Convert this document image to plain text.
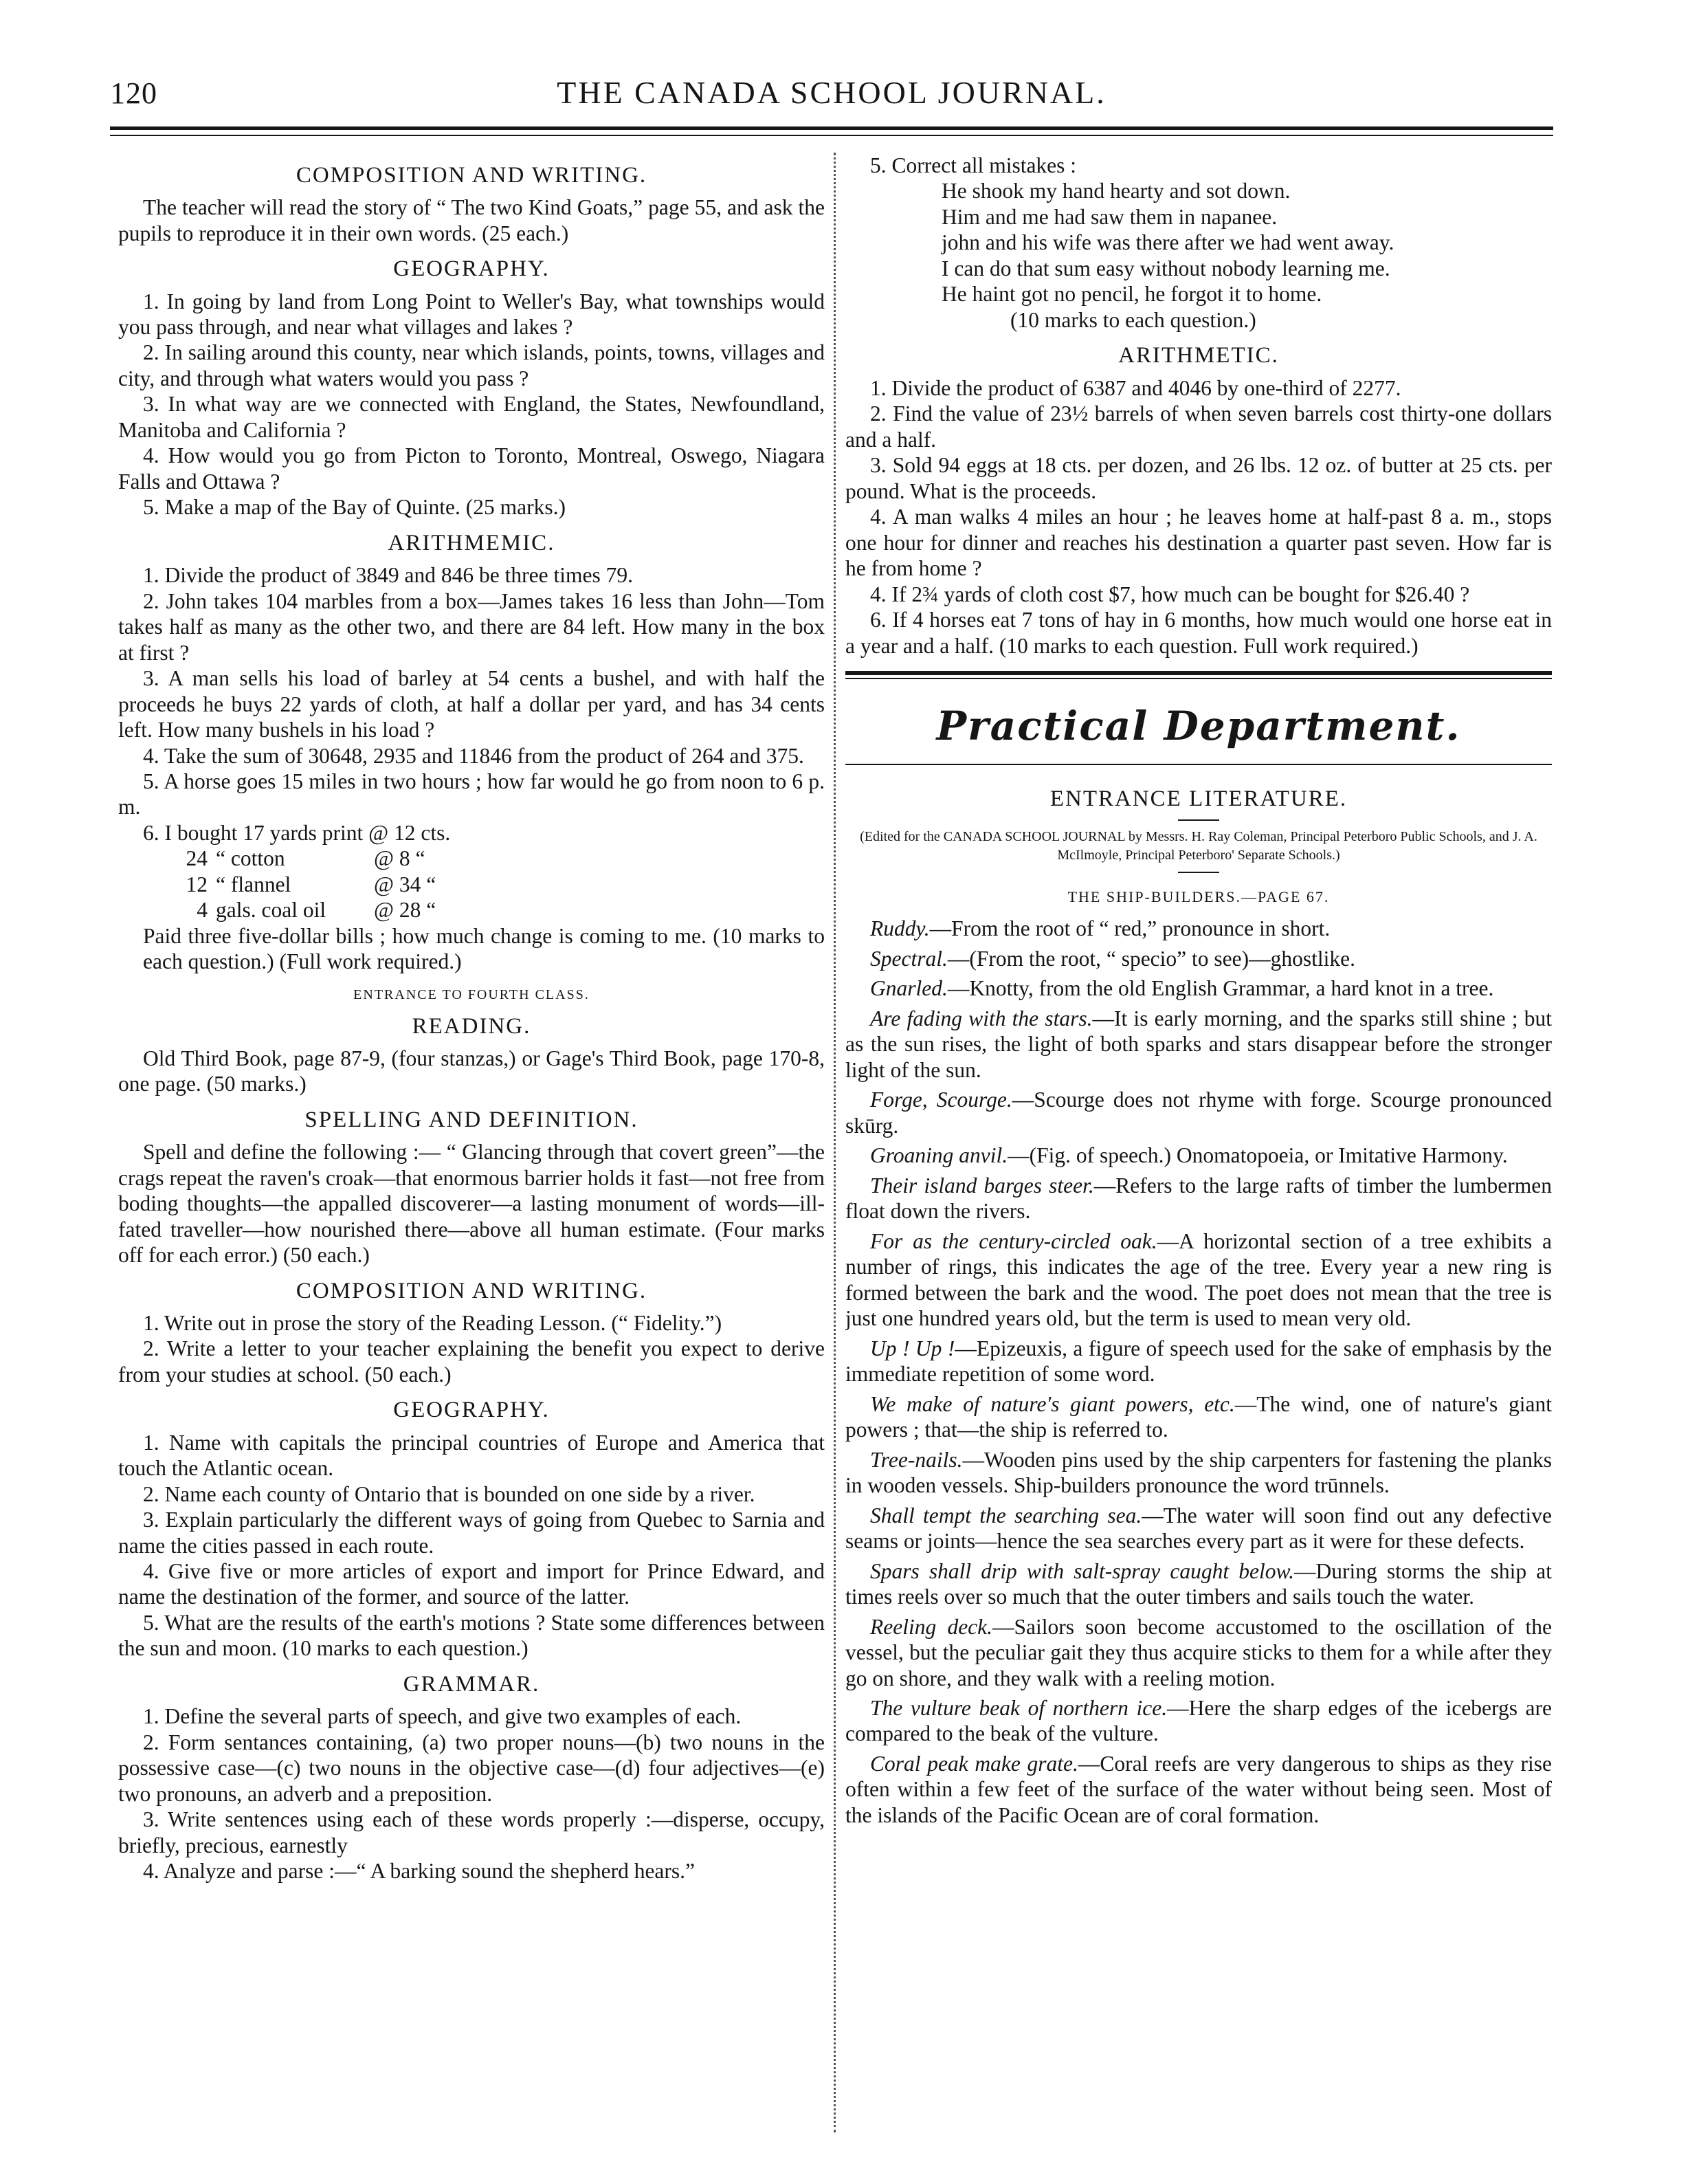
120	THE CANADA SCHOOL JOURNAL.
COMPOSITION AND WRITING.

The teacher will read the story of “ The two Kind Goats,” page 55, and ask the pupils to reproduce it in their own words. (25 each.)

GEOGRAPHY.

1. In going by land from Long Point to Weller's Bay, what townships would you pass through, and near what villages and lakes ?

2. In sailing around this county, near which islands, points, towns, villages and city, and through what waters would you pass ?

3. In what way are we connected with England, the States, Newfoundland, Manitoba and California ?

4. How would you go from Picton to Toronto, Montreal, Oswego, Niagara Falls and Ottawa ?

5. Make a map of the Bay of Quinte. (25 marks.)

ARITHMEMIC.

1. Divide the product of 3849 and 846 be three times 79.

2. John takes 104 marbles from a box—James takes 16 less than John—Tom takes half as many as the other two, and there are 84 left. How many in the box at first ?

3. A man sells his load of barley at 54 cents a bushel, and with half the proceeds he buys 22 yards of cloth, at half a dollar per yard, and has 34 cents left. How many bushels in his load ?

4. Take the sum of 30648, 2935 and 11846 from the product of 264 and 375.

5. A horse goes 15 miles in two hours ; how far would he go from noon to 6 p. m.

6. I bought 17 yards print @ 12 cts.

24 “ cotton	@ 8 “
12 “ flannel	@ 34 “
4 gals. coal oil	@ 28 “

Paid three five-dollar bills ; how much change is coming to me. (10 marks to each question.) (Full work required.)

ENTRANCE TO FOURTH CLASS.
READING.

Old Third Book, page 87-9, (four stanzas,) or Gage's Third Book, page 170-8, one page. (50 marks.)

SPELLING AND DEFINITION.

Spell and define the following :— “ Glancing through that covert green”—the crags repeat the raven's croak—that enormous barrier holds it fast—not free from boding thoughts—the appalled discoverer—a lasting monument of words—ill-fated traveller—how nourished there—above all human estimate. (Four marks off for each error.) (50 each.)

COMPOSITION AND WRITING.

1. Write out in prose the story of the Reading Lesson. (“ Fidelity.”)

2. Write a letter to your teacher explaining the benefit you expect to derive from your studies at school. (50 each.)

GEOGRAPHY.

1. Name with capitals the principal countries of Europe and America that touch the Atlantic ocean.

2. Name each county of Ontario that is bounded on one side by a river.

3. Explain particularly the different ways of going from Quebec to Sarnia and name the cities passed in each route.

4. Give five or more articles of export and import for Prince Edward, and name the destination of the former, and source of the latter.

5. What are the results of the earth's motions ? State some differences between the sun and moon. (10 marks to each question.)

GRAMMAR.

1. Define the several parts of speech, and give two examples of each.

2. Form sentances containing, (a) two proper nouns—(b) two nouns in the possessive case—(c) two nouns in the objective case—(d) four adjectives—(e) two pronouns, an adverb and a preposition.

3. Write sentences using each of these words properly :—disperse, occupy, briefly, precious, earnestly

4. Analyze and parse :—“ A barking sound the shepherd hears.”

5. Correct all mistakes :

He shook my hand hearty and sot down.
Him and me had saw them in napanee.
john and his wife was there after we had went away.
I can do that sum easy without nobody learning me.
He haint got no pencil, he forgot it to home.
(10 marks to each question.)
ARITHMETIC.

1. Divide the product of 6387 and 4046 by one-third of 2277.

2. Find the value of 23½ barrels of when seven barrels cost thirty-one dollars and a half.

3. Sold 94 eggs at 18 cts. per dozen, and 26 lbs. 12 oz. of butter at 25 cts. per pound. What is the proceeds.

4. A man walks 4 miles an hour ; he leaves home at half-past 8 a. m., stops one hour for dinner and reaches his destination a quarter past seven. How far is he from home ?

4. If 2¾ yards of cloth cost $7, how much can be bought for $26.40 ?

6. If 4 horses eat 7 tons of hay in 6 months, how much would one horse eat in a year and a half. (10 marks to each question. Full work required.)

Practical Department.
ENTRANCE LITERATURE.
(Edited for the CANADA SCHOOL JOURNAL by Messrs. H. Ray Coleman, Principal Peterboro Public Schools, and J. A. McIlmoyle, Principal Peterboro' Separate Schools.)
THE SHIP-BUILDERS.—PAGE 67.

Ruddy.—From the root of “ red,” pronounce in short.

Spectral.—(From the root, “ specio” to see)—ghostlike.

Gnarled.—Knotty, from the old English Grammar, a hard knot in a tree.

Are fading with the stars.—It is early morning, and the sparks still shine ; but as the sun rises, the light of both sparks and stars disappear before the stronger light of the sun.

Forge, Scourge.—Scourge does not rhyme with forge. Scourge pronounced skūrg.

Groaning anvil.—(Fig. of speech.) Onomatopoeia, or Imitative Harmony.

Their island barges steer.—Refers to the large rafts of timber the lumbermen float down the rivers.

For as the century-circled oak.—A horizontal section of a tree exhibits a number of rings, this indicates the age of the tree. Every year a new ring is formed between the bark and the wood. The poet does not mean that the tree is just one hundred years old, but the term is used to mean very old.

Up ! Up !—Epizeuxis, a figure of speech used for the sake of emphasis by the immediate repetition of some word.

We make of nature's giant powers, etc.—The wind, one of nature's giant powers ; that—the ship is referred to.

Tree-nails.—Wooden pins used by the ship carpenters for fastening the planks in wooden vessels. Ship-builders pronounce the word trūnnels.

Shall tempt the searching sea.—The water will soon find out any defective seams or joints—hence the sea searches every part as it were for these defects.

Spars shall drip with salt-spray caught below.—During storms the ship at times reels over so much that the outer timbers and sails touch the water.

Reeling deck.—Sailors soon become accustomed to the oscillation of the vessel, but the peculiar gait they thus acquire sticks to them for a while after they go on shore, and they walk with a reeling motion.

The vulture beak of northern ice.—Here the sharp edges of the icebergs are compared to the beak of the vulture.

Coral peak make grate.—Coral reefs are very dangerous to ships as they rise often within a few feet of the surface of the water without being seen. Most of the islands of the Pacific Ocean are of coral formation.
